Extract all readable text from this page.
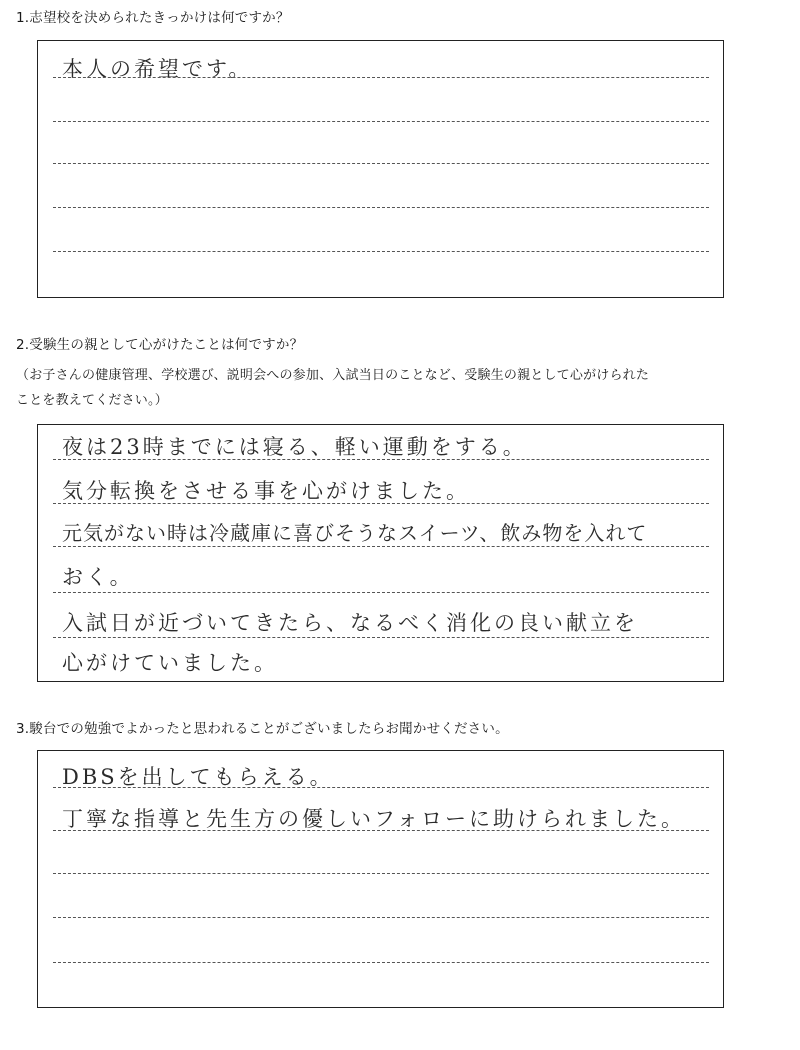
1.志望校を決められたきっかけは何ですか？

本人の希望です。

2.受験生の親として心がけたことは何ですか？

（お子さんの健康管理、学校選び、説明会への参加、入試当日のことなど、受験生の親として心がけられた

ことを教えてください。）

夜は23時までには寝る、軽い運動をする。

気分転換をさせる事を心がけました。

元気がない時は冷蔵庫に喜びそうなスイーツ、飲み物を入れて

おく。

入試日が近づいてきたら、なるべく消化の良い献立を

心がけていました。

3.駿台での勉強でよかったと思われることがございましたらお聞かせください。

DBSを出してもらえる。

丁寧な指導と先生方の優しいフォローに助けられました。
